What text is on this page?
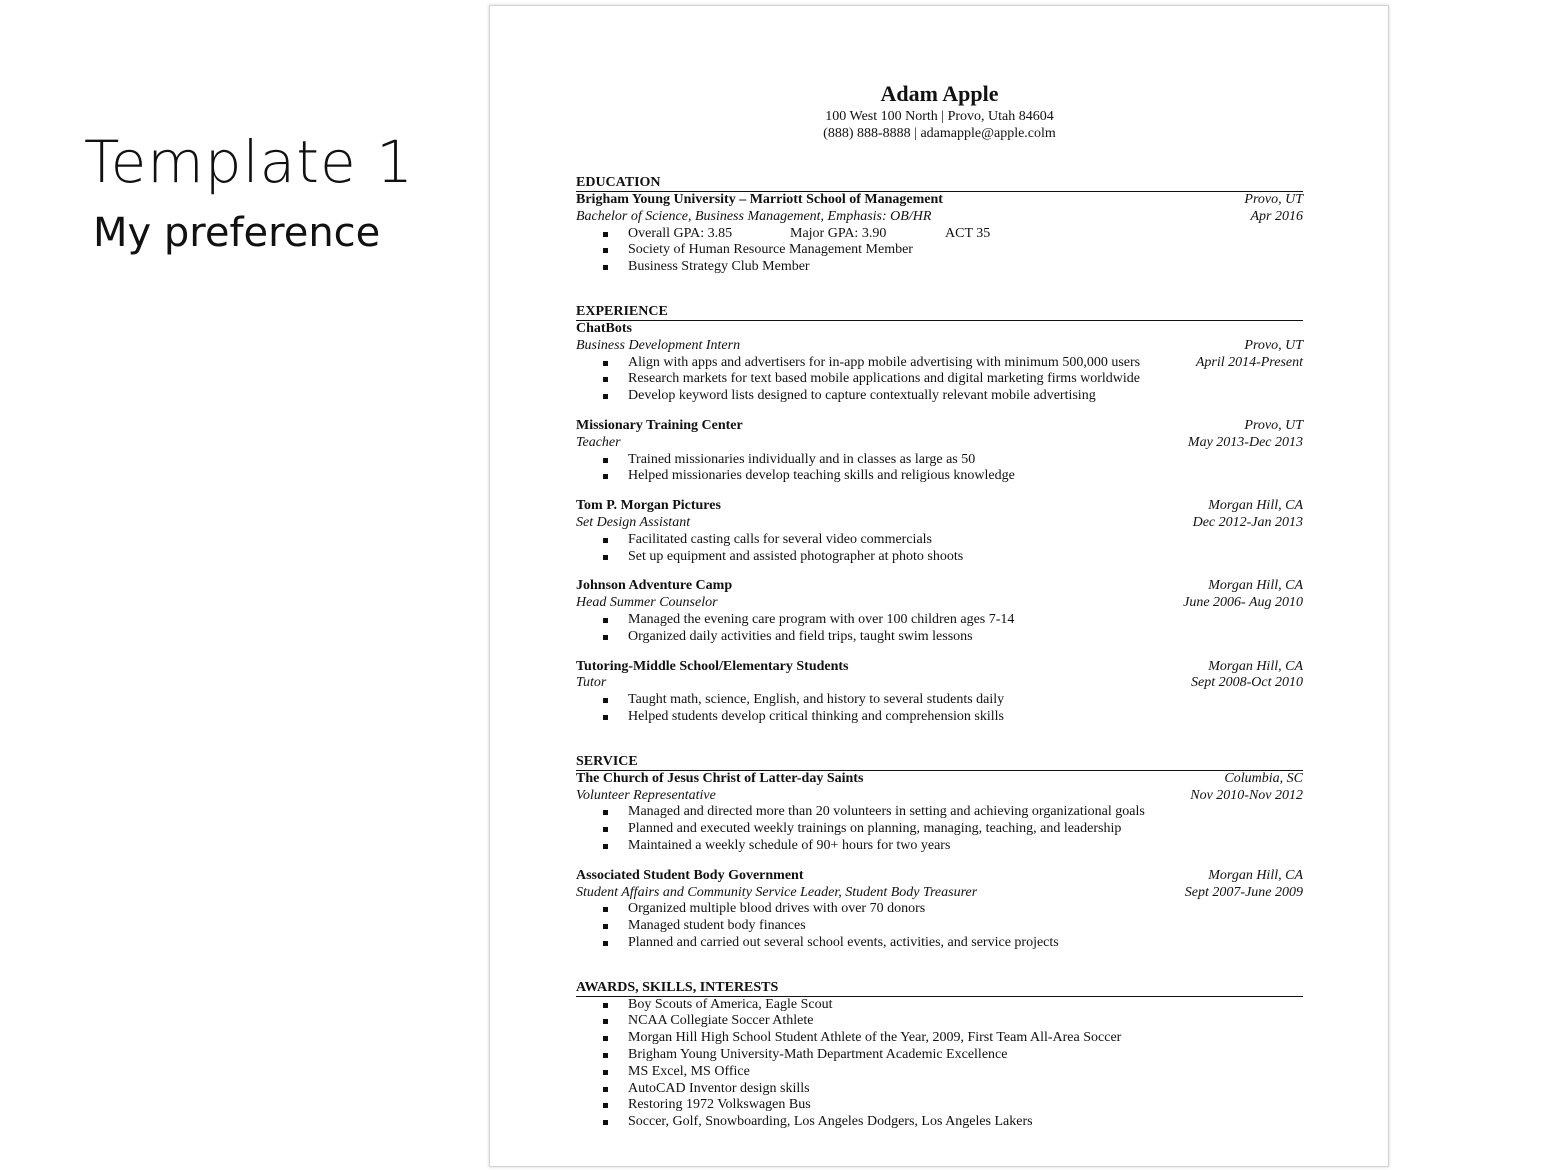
Template 1
My preference
Adam Apple
100 West 100 North | Provo, Utah 84604
(888) 888-8888 | adamapple@apple.colm
EDUCATION
Brigham Young University – Marriott School of Management	Provo, UT
Bachelor of Science, Business Management, Emphasis: OB/HR	Apr 2016
Overall GPA: 3.85	Major GPA: 3.90	ACT 35
Society of Human Resource Management Member
Business Strategy Club Member
EXPERIENCE
ChatBots
Business Development Intern	Provo, UT
Align with apps and advertisers for in-app mobile advertising with minimum 500,000 users	April 2014-Present
Research markets for text based mobile applications and digital marketing firms worldwide
Develop keyword lists designed to capture contextually relevant mobile advertising
Missionary Training Center	Provo, UT
Teacher	May 2013-Dec 2013
Trained missionaries individually and in classes as large as 50
Helped missionaries develop teaching skills and religious knowledge
Tom P. Morgan Pictures	Morgan Hill, CA
Set Design Assistant	Dec 2012-Jan 2013
Facilitated casting calls for several video commercials
Set up equipment and assisted photographer at photo shoots
Johnson Adventure Camp	Morgan Hill, CA
Head Summer Counselor	June 2006- Aug 2010
Managed the evening care program with over 100 children ages 7-14
Organized daily activities and field trips, taught swim lessons
Tutoring-Middle School/Elementary Students	Morgan Hill, CA
Tutor	Sept 2008-Oct 2010
Taught math, science, English, and history to several students daily
Helped students develop critical thinking and comprehension skills
SERVICE
The Church of Jesus Christ of Latter-day Saints	Columbia, SC
Volunteer Representative	Nov 2010-Nov 2012
Managed and directed more than 20 volunteers in setting and achieving organizational goals
Planned and executed weekly trainings on planning, managing, teaching, and leadership
Maintained a weekly schedule of 90+ hours for two years
Associated Student Body Government	Morgan Hill, CA
Student Affairs and Community Service Leader, Student Body Treasurer	Sept 2007-June 2009
Organized multiple blood drives with over 70 donors
Managed student body finances
Planned and carried out several school events, activities, and service projects
AWARDS, SKILLS, INTERESTS
Boy Scouts of America, Eagle Scout
NCAA Collegiate Soccer Athlete
Morgan Hill High School Student Athlete of the Year, 2009, First Team All-Area Soccer
Brigham Young University-Math Department Academic Excellence
MS Excel, MS Office
AutoCAD Inventor design skills
Restoring 1972 Volkswagen Bus
Soccer, Golf, Snowboarding, Los Angeles Dodgers, Los Angeles Lakers
